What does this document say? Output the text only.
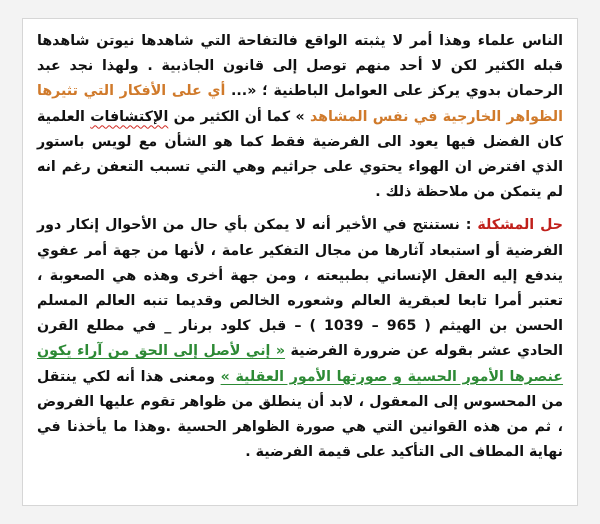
الناس علماء وهذا أمر لا يثبته الواقع فالتفاحة التي شاهدها نيوتن شاهدها قبله الكثير لكن لا أحد منهم توصل إلى قانون الجاذبية . ولهذا نجد عبد الرحمان بدوي يركز على العوامل الباطنية ؛ «... أي على الأفكار التي تثيرها الظواهر الخارجية في نفس المشاهد » كما أن الكثير من الإكتشافات العلمية كان الفضل فيها يعود الى الفرضية فقط كما هو الشأن مع لويس باستور الذي افترض ان الهواء يحتوي على جراثيم وهي التي تسبب التعفن رغم انه لم يتمكن من ملاحظة ذلك .

حل المشكلة : نستنتج في الأخير أنه لا يمكن بأي حال من الأحوال إنكار دور الفرضية أو استبعاد آثارها من مجال التفكير عامة ، لأنها من جهة أمر عفوي يندفع إليه العقل الإنساني بطبيعته ، ومن جهة أخرى وهذه هي الصعوبة ، تعتبر أمرا تابعا لعبقرية العالم وشعوره الخالص وقديما تنبه العالم المسلم الحسن بن الهيثم ( 965 – 1039 ) – قبل كلود برنار _ في مطلع القرن الحادي عشر بقوله عن ضرورة الفرضية « إني لأصل إلى الحق من آراء يكون عنصرها الأمور الحسية و صورتها الأمور العقلية » ومعنى هذا أنه لكي ينتقل من المحسوس إلى المعقول ، لابد أن ينطلق من ظواهر تقوم عليها الفروض ، ثم من هذه القوانين التي هي صورة الظواهر الحسية .وهذا ما يأخذنا في نهاية المطاف الى التأكيد على قيمة الفرضية .
